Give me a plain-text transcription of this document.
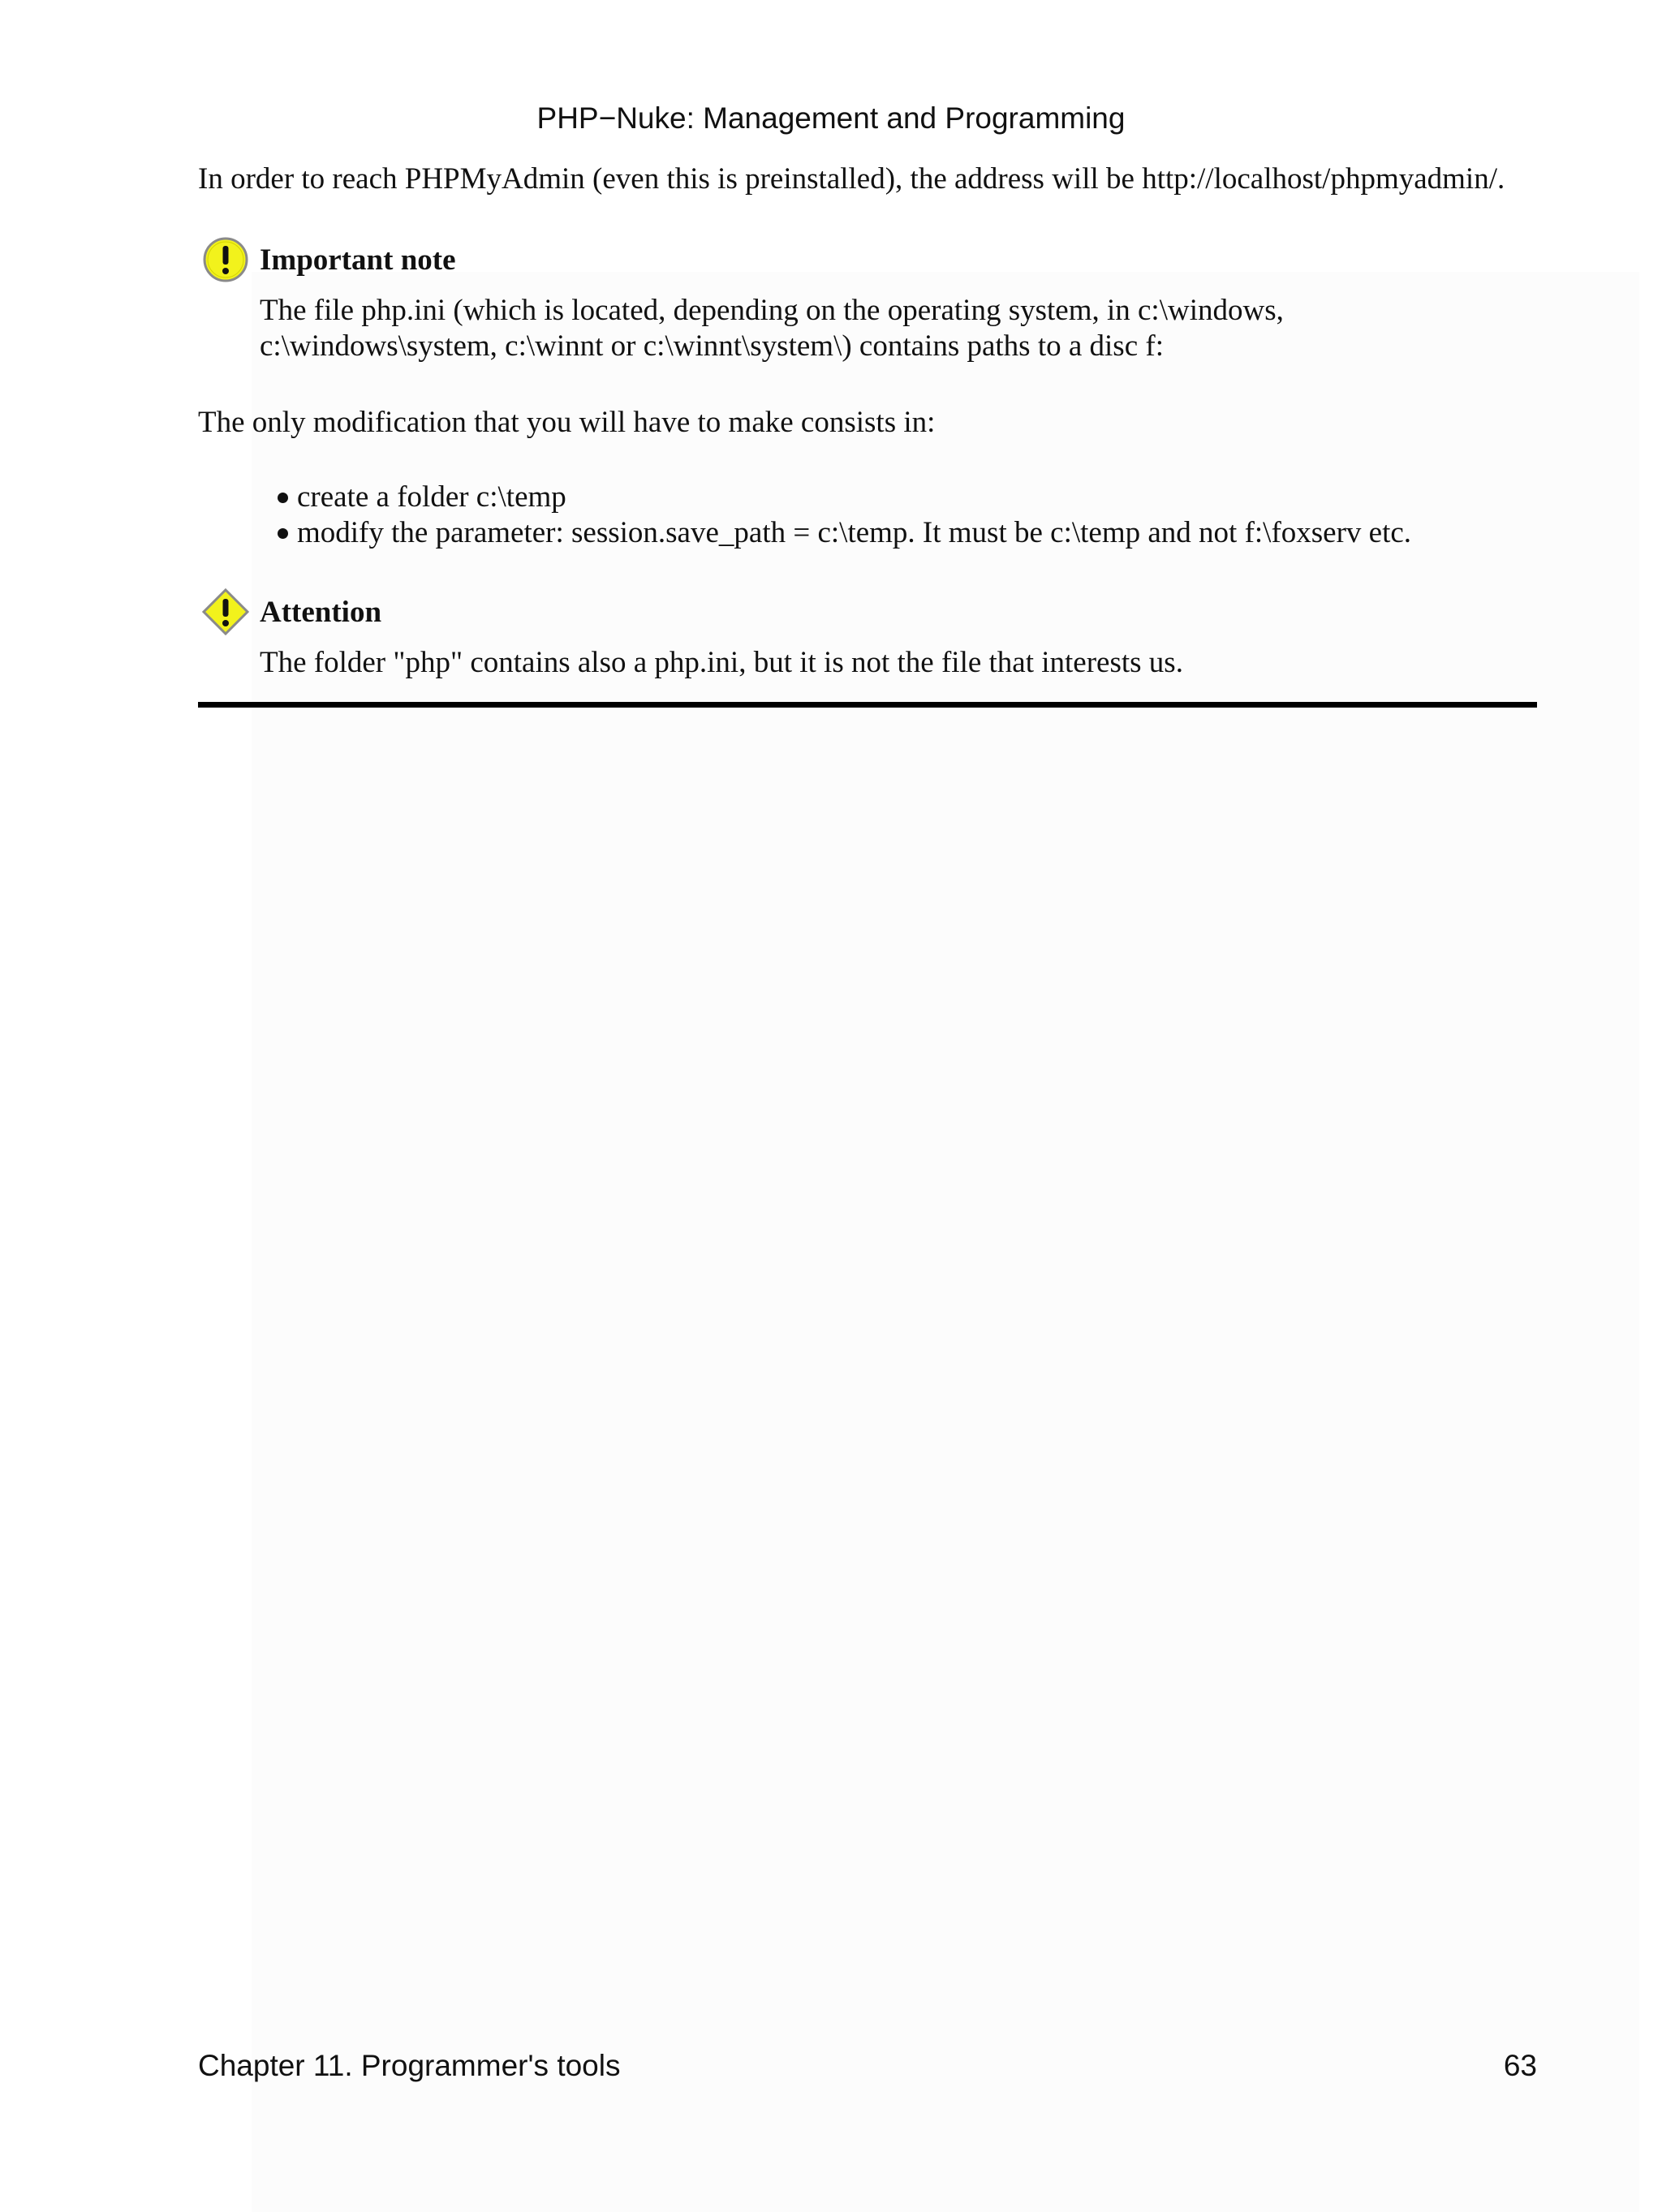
PHP−Nuke: Management and Programming
In order to reach PHPMyAdmin (even this is preinstalled), the address will be http://localhost/phpmyadmin/.
Important note
The file php.ini (which is located, depending on the operating system, in c:\windows,
c:\windows\system, c:\winnt or c:\winnt\system\) contains paths to a disc f:
The only modification that you will have to make consists in:
create a folder c:\temp
modify the parameter: session.save_path = c:\temp. It must be c:\temp and not f:\foxserv etc.
Attention
The folder "php" contains also a php.ini, but it is not the file that interests us.
Chapter 11. Programmer's tools	63
